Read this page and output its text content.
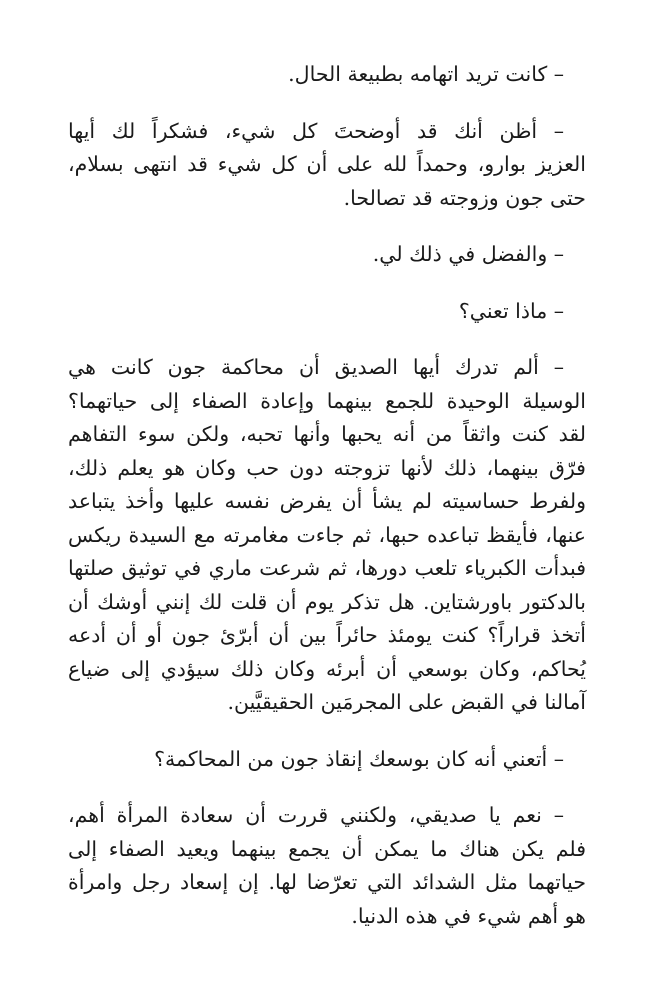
– كانت تريد اتهامه بطبيعة الحال.
– أظن أنك قد أوضحتَ كل شيء، فشكراً لك أيها
العزيز بوارو، وحمداً لله على أن كل شيء قد انتهى بسلام،
حتى جون وزوجته قد تصالحا.
– والفضل في ذلك لي.
– ماذا تعني؟
– ألم تدرك أيها الصديق أن محاكمة جون كانت هي
الوسيلة الوحيدة للجمع بينهما وإعادة الصفاء إلى حياتهما؟
لقد كنت واثقاً من أنه يحبها وأنها تحبه، ولكن سوء التفاهم
فرّق بينهما، ذلك لأنها تزوجته دون حب وكان هو يعلم ذلك،
ولفرط حساسيته لم يشأ أن يفرض نفسه عليها وأخذ يتباعد
عنها، فأيقظ تباعده حبها، ثم جاءت مغامرته مع السيدة ريكس
فبدأت الكبرياء تلعب دورها، ثم شرعت ماري في توثيق صلتها
بالدكتور باورشتاين. هل تذكر يوم أن قلت لك إنني أوشك أن
أتخذ قراراً؟ كنت يومئذ حائراً بين أن أبرّئ جون أو أن أدعه
يُحاكم، وكان بوسعي أن أبرئه وكان ذلك سيؤدي إلى ضياع
آمالنا في القبض على المجرمَين الحقيقيَّين.
– أتعني أنه كان بوسعك إنقاذ جون من المحاكمة؟
– نعم يا صديقي، ولكنني قررت أن سعادة المرأة أهم،
فلم يكن هناك ما يمكن أن يجمع بينهما ويعيد الصفاء إلى
حياتهما مثل الشدائد التي تعرّضا لها. إن إسعاد رجل وامرأة
هو أهم شيء في هذه الدنيا.
